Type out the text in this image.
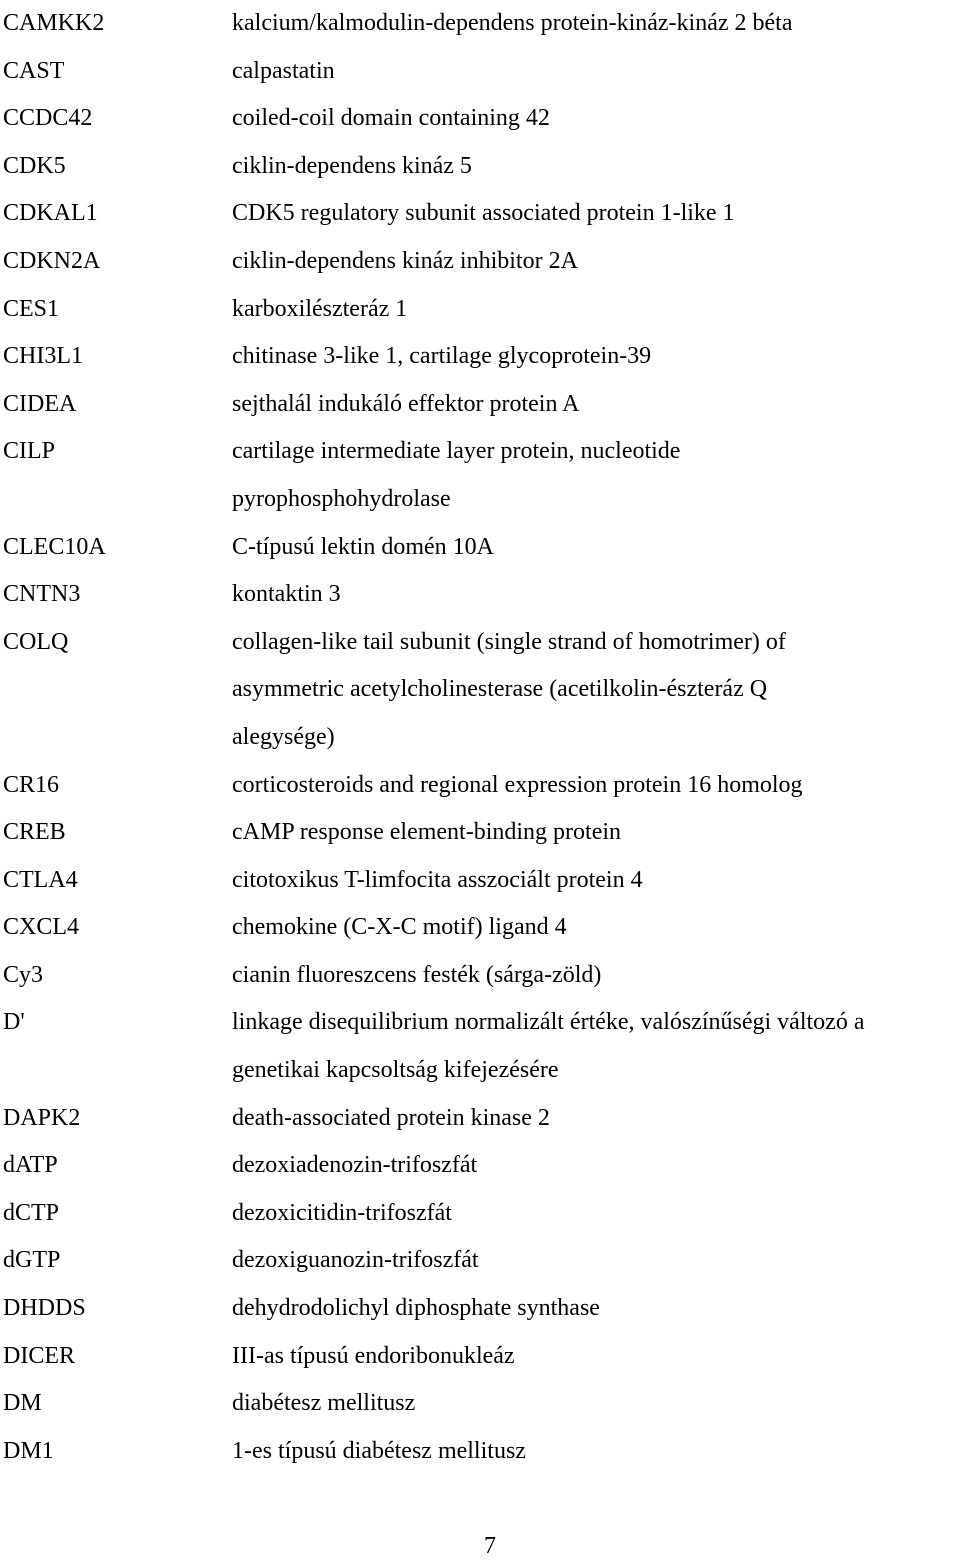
CAMKK2	kalcium/kalmodulin-dependens protein-kináz-kináz 2 béta
CAST	calpastatin
CCDC42	coiled-coil domain containing 42
CDK5	ciklin-dependens kináz 5
CDKAL1	CDK5 regulatory subunit associated protein 1-like 1
CDKN2A	ciklin-dependens kináz inhibitor 2A
CES1	karboxilészteráz 1
CHI3L1	chitinase 3-like 1, cartilage glycoprotein-39
CIDEA	sejthalál indukáló effektor protein A
CILP	cartilage intermediate layer protein, nucleotide
pyrophosphohydrolase
CLEC10A	C-típusú lektin domén 10A
CNTN3	kontaktin 3
COLQ	collagen-like tail subunit (single strand of homotrimer) of
asymmetric acetylcholinesterase (acetilkolin-észteráz Q
alegysége)
CR16	corticosteroids and regional expression protein 16 homolog
CREB	cAMP response element-binding protein
CTLA4	citotoxikus T-limfocita asszociált protein 4
CXCL4	chemokine (C-X-C motif) ligand 4
Cy3	cianin fluoreszcens festék (sárga-zöld)
D'	linkage disequilibrium normalizált értéke, valószínűségi változó a
genetikai kapcsoltság kifejezésére
DAPK2	death-associated protein kinase 2
dATP	dezoxiadenozin-trifoszfát
dCTP	dezoxicitidin-trifoszfát
dGTP	dezoxiguanozin-trifoszfát
DHDDS	dehydrodolichyl diphosphate synthase
DICER	III-as típusú endoribonukleáz
DM	diabétesz mellitusz
DM1	1-es típusú diabétesz mellitusz
7
